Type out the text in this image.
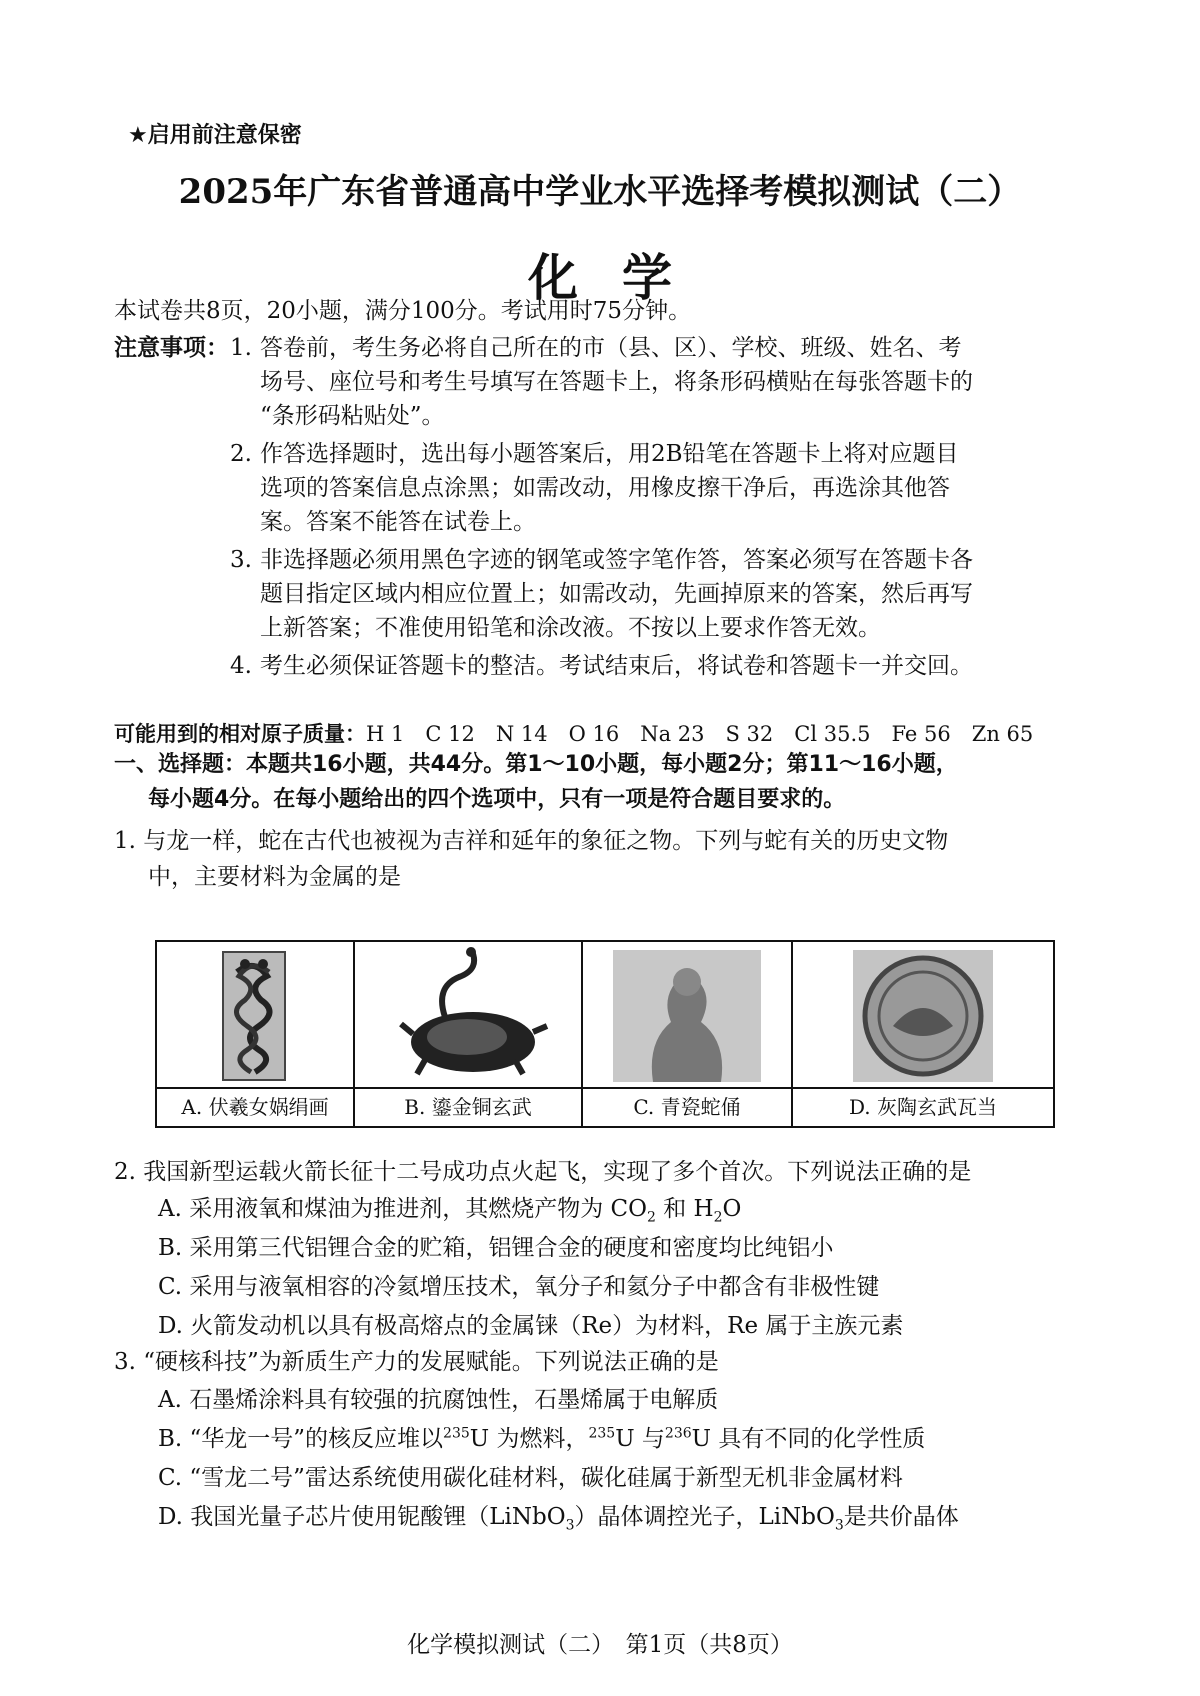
★启用前注意保密
2025年广东省普通高中学业水平选择考模拟测试（二）
化学
本试卷共8页，20小题，满分100分。考试用时75分钟。
注意事项： 1. 答卷前，考生务必将自己所在的市（县、区）、学校、班级、姓名、考
场号、座位号和考生号填写在答题卡上，将条形码横贴在每张答题卡的
“条形码粘贴处”。
2. 作答选择题时，选出每小题答案后，用2B铅笔在答题卡上将对应题目
选项的答案信息点涂黑；如需改动，用橡皮擦干净后，再选涂其他答
案。答案不能答在试卷上。
3. 非选择题必须用黑色字迹的钢笔或签字笔作答，答案必须写在答题卡各
题目指定区域内相应位置上；如需改动，先画掉原来的答案，然后再写
上新答案；不准使用铅笔和涂改液。不按以上要求作答无效。
4. 考生必须保证答题卡的整洁。考试结束后，将试卷和答题卡一并交回。
可能用到的相对原子质量：H 1　C 12　N 14　O 16　Na 23　S 32　Cl 35.5　Fe 56　Zn 65
一、选择题：本题共16小题，共44分。第1～10小题，每小题2分；第11～16小题，
每小题4分。在每小题给出的四个选项中，只有一项是符合题目要求的。
1. 与龙一样，蛇在古代也被视为吉祥和延年的象征之物。下列与蛇有关的历史文物
中，主要材料为金属的是
A. 伏羲女娲绢画	B. 鎏金铜玄武	C. 青瓷蛇俑	D. 灰陶玄武瓦当
2. 我国新型运载火箭长征十二号成功点火起飞，实现了多个首次。下列说法正确的是
A. 采用液氧和煤油为推进剂，其燃烧产物为 $CO_2$ 和 $H_2O$
B. 采用第三代铝锂合金的贮箱，铝锂合金的硬度和密度均比纯铝小
C. 采用与液氧相容的冷氦增压技术，氧分子和氦分子中都含有非极性键
D. 火箭发动机以具有极高熔点的金属铼（Re）为材料，Re 属于主族元素
3. “硬核科技”为新质生产力的发展赋能。下列说法正确的是
A. 石墨烯涂料具有较强的抗腐蚀性，石墨烯属于电解质
B. “华龙一号”的核反应堆以$^{235}$U 为燃料，$^{235}$U 与$^{236}$U 具有不同的化学性质
C. “雪龙二号”雷达系统使用碳化硅材料，碳化硅属于新型无机非金属材料
D. 我国光量子芯片使用铌酸锂（LiNbO$_3$）晶体调控光子，LiNbO$_3$是共价晶体
化学模拟测试（二）　第1页（共8页）
